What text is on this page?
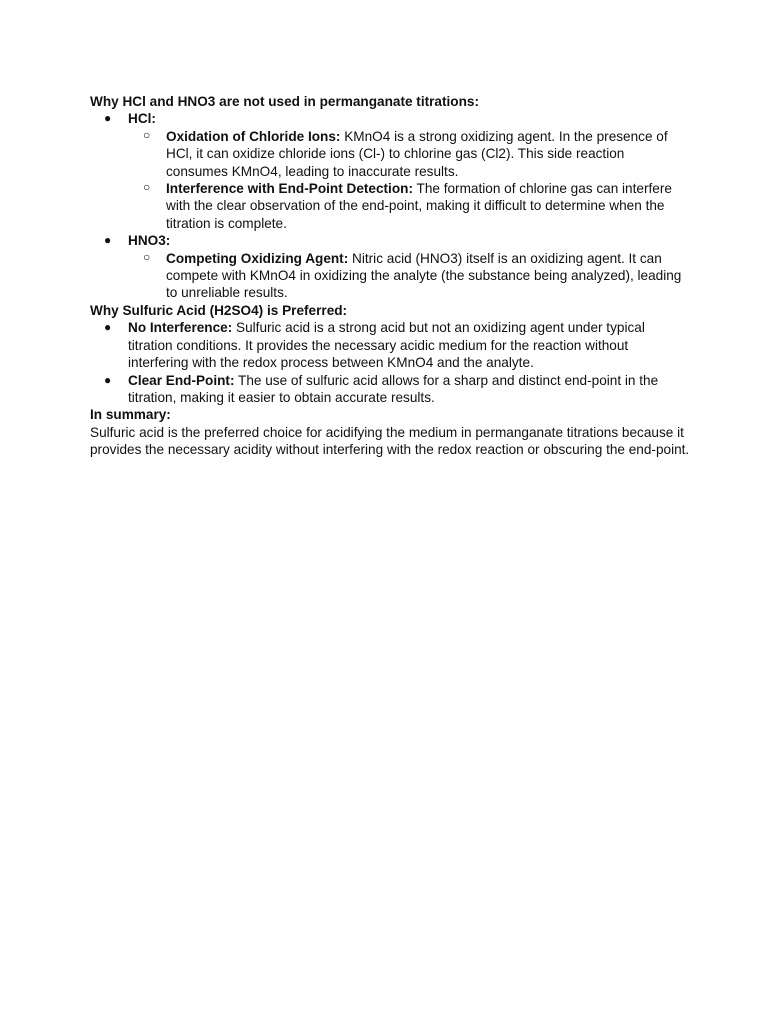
Why HCl and HNO3 are not used in permanganate titrations:

● HCl:
○ Oxidation of Chloride Ions: KMnO4 is a strong oxidizing agent. In the presence of HCl, it can oxidize chloride ions (Cl-) to chlorine gas (Cl2). This side reaction consumes KMnO4, leading to inaccurate results.
○ Interference with End-Point Detection: The formation of chlorine gas can interfere with the clear observation of the end-point, making it difficult to determine when the titration is complete.
● HNO3:
○ Competing Oxidizing Agent: Nitric acid (HNO3) itself is an oxidizing agent. It can compete with KMnO4 in oxidizing the analyte (the substance being analyzed), leading to unreliable results.

Why Sulfuric Acid (H2SO4) is Preferred:

● No Interference: Sulfuric acid is a strong acid but not an oxidizing agent under typical titration conditions. It provides the necessary acidic medium for the reaction without interfering with the redox process between KMnO4 and the analyte.
● Clear End-Point: The use of sulfuric acid allows for a sharp and distinct end-point in the titration, making it easier to obtain accurate results.

In summary:

Sulfuric acid is the preferred choice for acidifying the medium in permanganate titrations because it provides the necessary acidity without interfering with the redox reaction or obscuring the end-point.
